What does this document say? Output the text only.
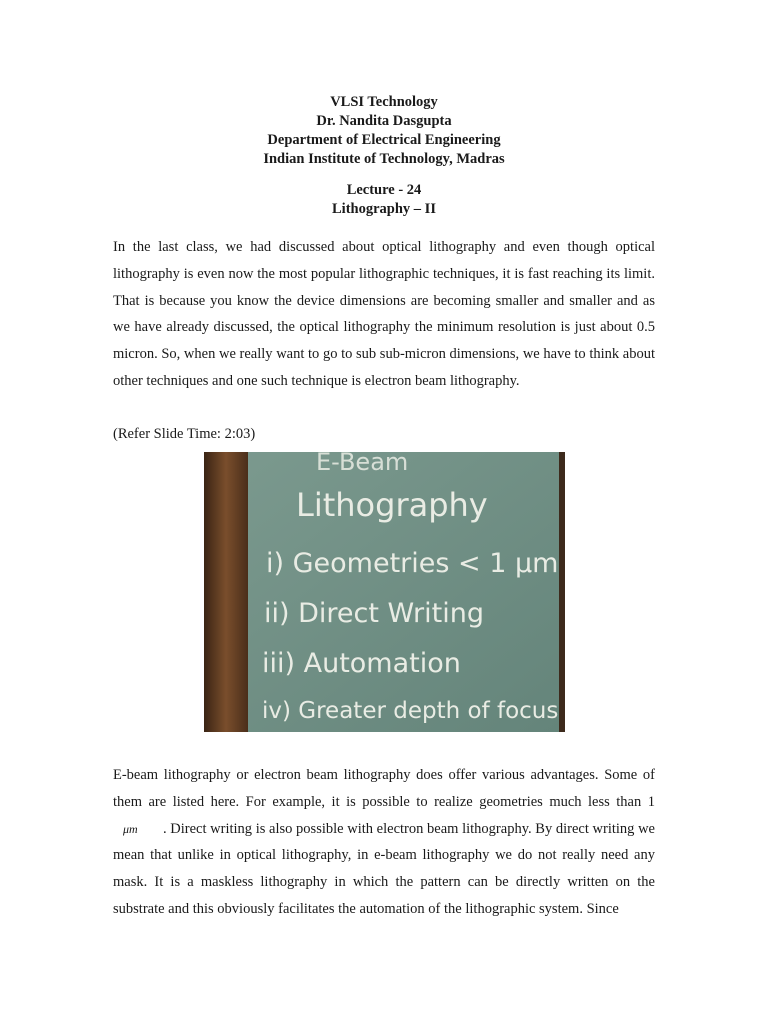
VLSI Technology
Dr. Nandita Dasgupta
Department of Electrical Engineering
Indian Institute of Technology, Madras
Lecture - 24
Lithography – II

In the last class, we had discussed about optical lithography and even though optical lithography is even now the most popular lithographic techniques, it is fast reaching its limit. That is because you know the device dimensions are becoming smaller and smaller and as we have already discussed, the optical lithography the minimum resolution is just about 0.5 micron. So, when we really want to go to sub sub-micron dimensions, we have to think about other techniques and one such technique is electron beam lithography.

(Refer Slide Time: 2:03)
E-Beam
Lithography
i) Geometries < 1 μm
ii) Direct Writing
iii) Automation
iv) Greater depth of focus

E-beam lithography or electron beam lithography does offer various advantages. Some of them are listed here. For example, it is possible to realize geometries much less than 1 μm . Direct writing is also possible with electron beam lithography. By direct writing we mean that unlike in optical lithography, in e-beam lithography we do not really need any mask. It is a maskless lithography in which the pattern can be directly written on the substrate and this obviously facilitates the automation of the lithographic system. Since
